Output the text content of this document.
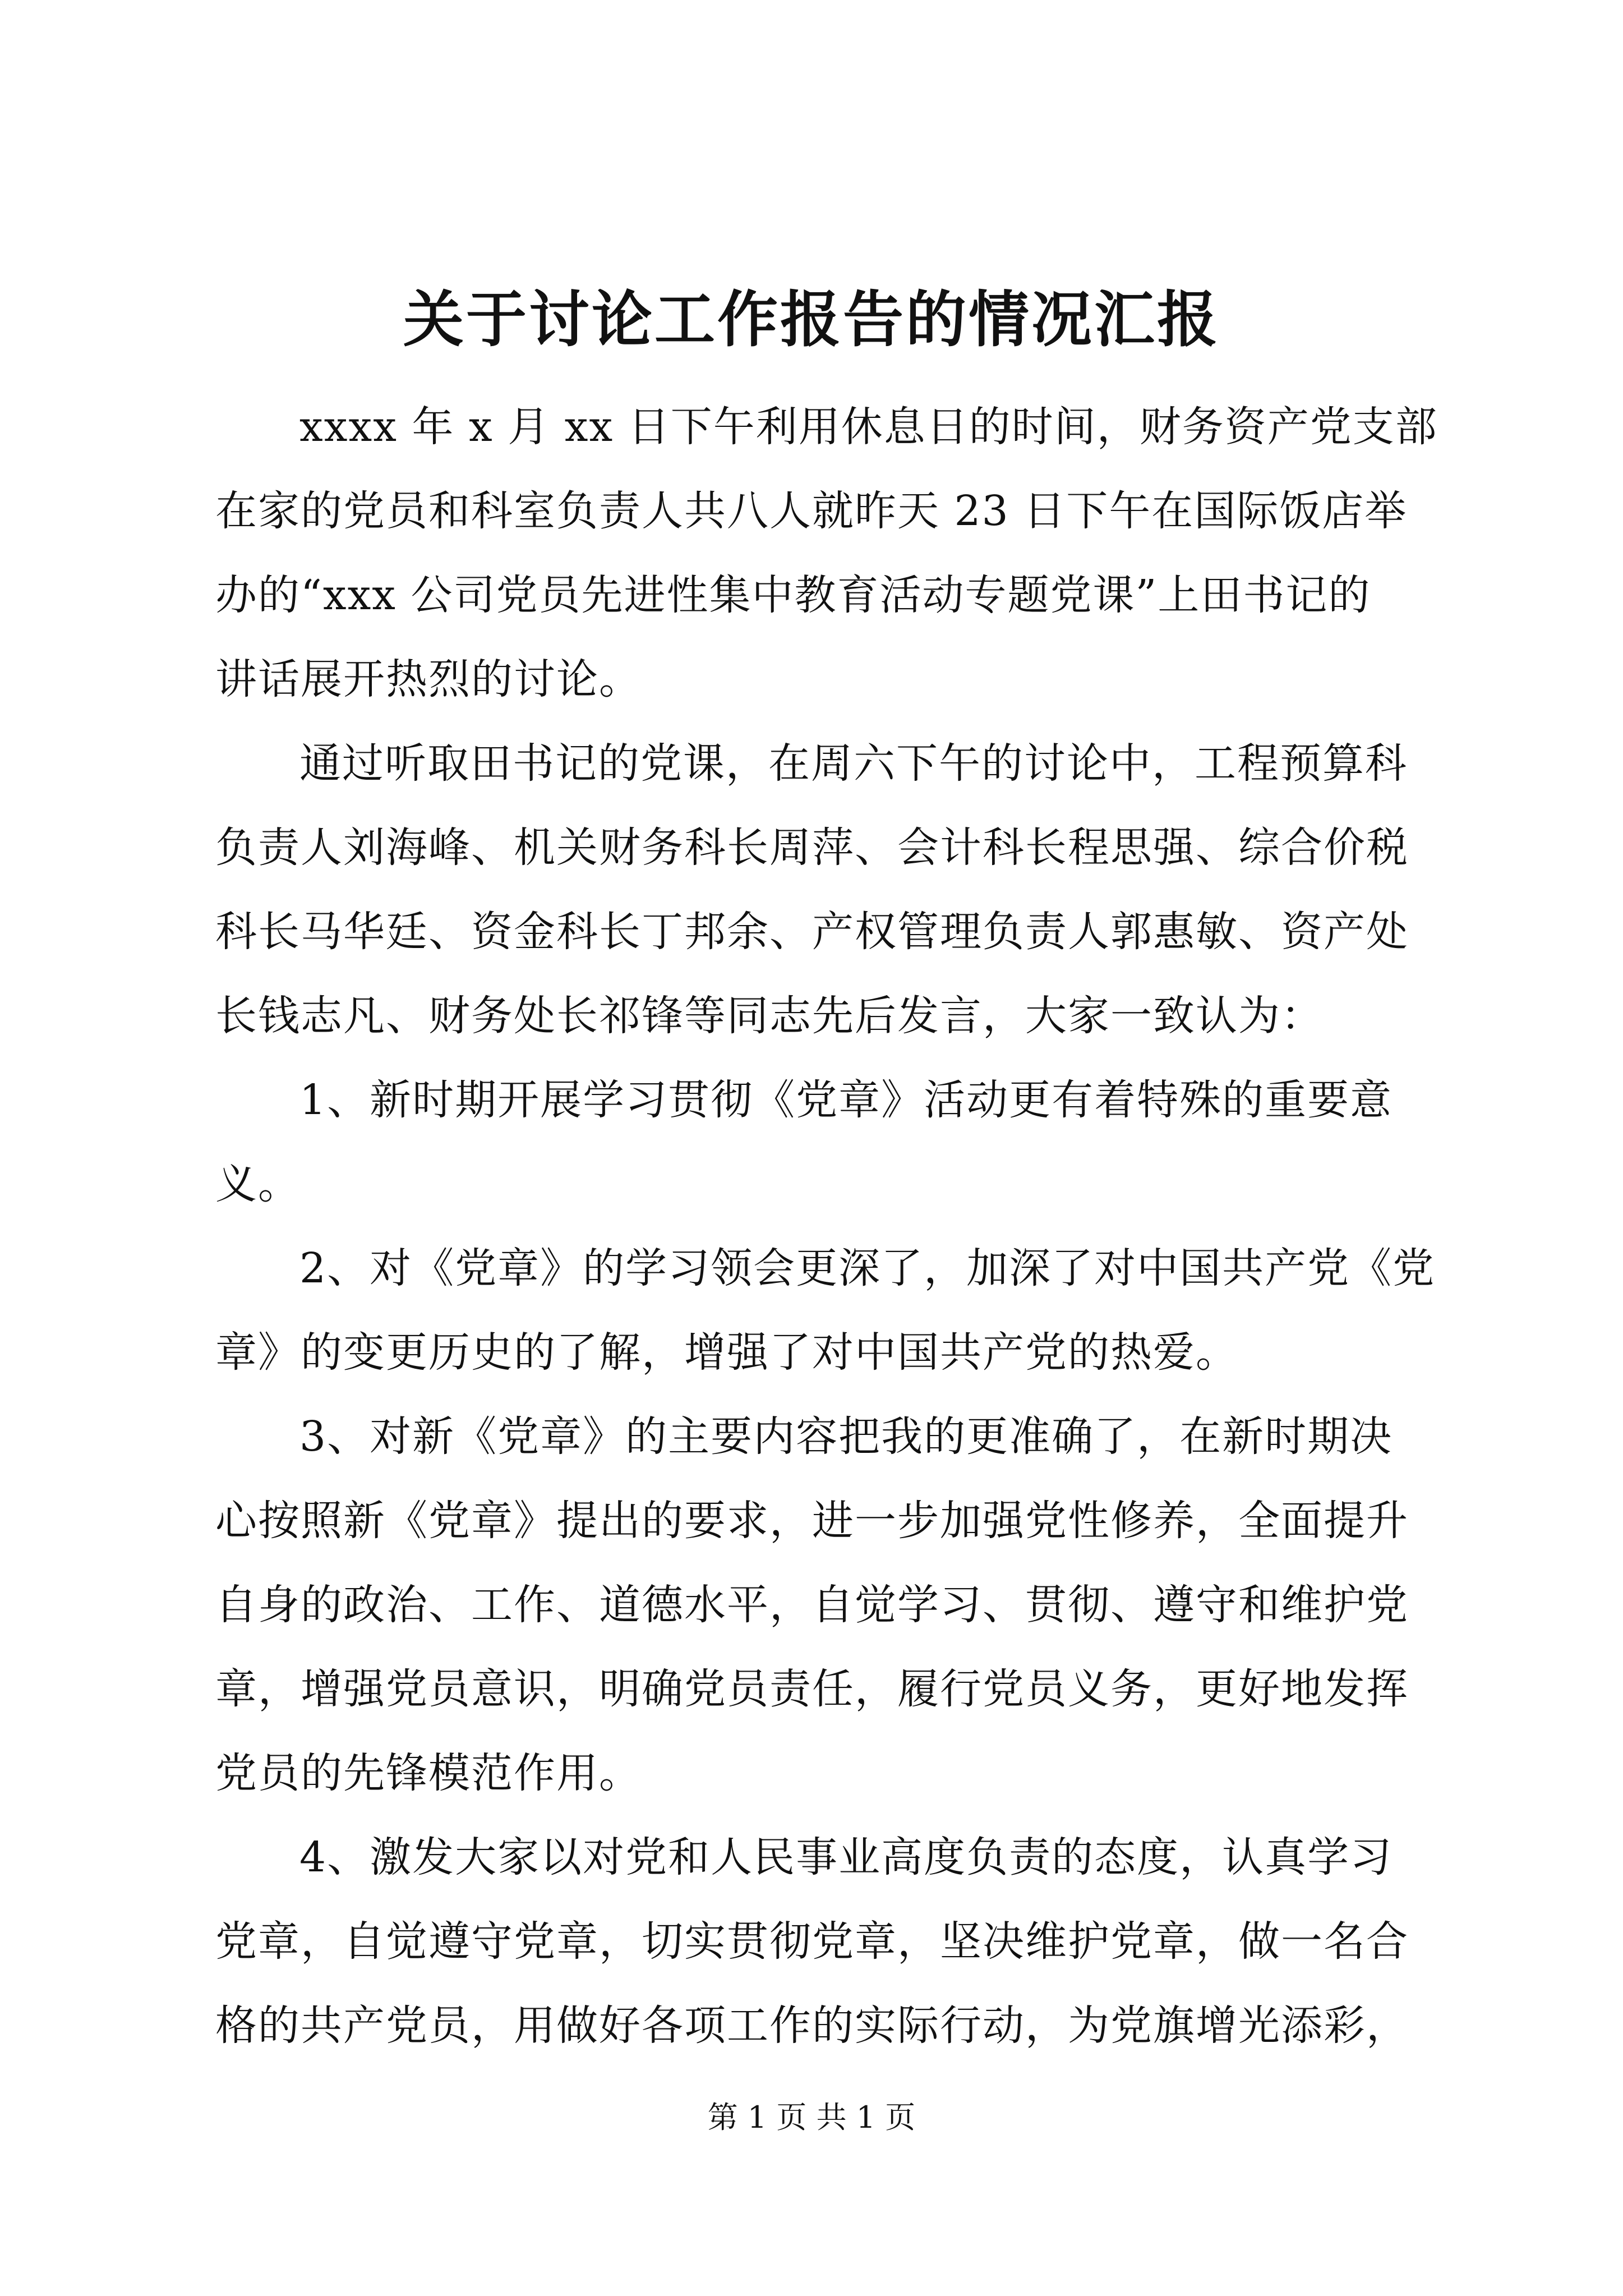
关于讨论工作报告的情况汇报
xxxx 年 x 月 xx 日下午利用休息日的时间，财务资产党支部
在家的党员和科室负责人共八人就昨天 23 日下午在国际饭店举
办的“xxx 公司党员先进性集中教育活动专题党课”上田书记的
讲话展开热烈的讨论。
通过听取田书记的党课，在周六下午的讨论中，工程预算科
负责人刘海峰、机关财务科长周萍、会计科长程思强、综合价税
科长马华廷、资金科长丁邦余、产权管理负责人郭惠敏、资产处
长钱志凡、财务处长祁锋等同志先后发言，大家一致认为：
1、新时期开展学习贯彻《党章》活动更有着特殊的重要意
义。
2、对《党章》的学习领会更深了，加深了对中国共产党《党
章》的变更历史的了解，增强了对中国共产党的热爱。
3、对新《党章》的主要内容把我的更准确了，在新时期决
心按照新《党章》提出的要求，进一步加强党性修养，全面提升
自身的政治、工作、道德水平，自觉学习、贯彻、遵守和维护党
章，增强党员意识，明确党员责任，履行党员义务，更好地发挥
党员的先锋模范作用。
4、激发大家以对党和人民事业高度负责的态度，认真学习
党章，自觉遵守党章，切实贯彻党章，坚决维护党章，做一名合
格的共产党员，用做好各项工作的实际行动，为党旗增光添彩，
第 1 页 共 1 页
